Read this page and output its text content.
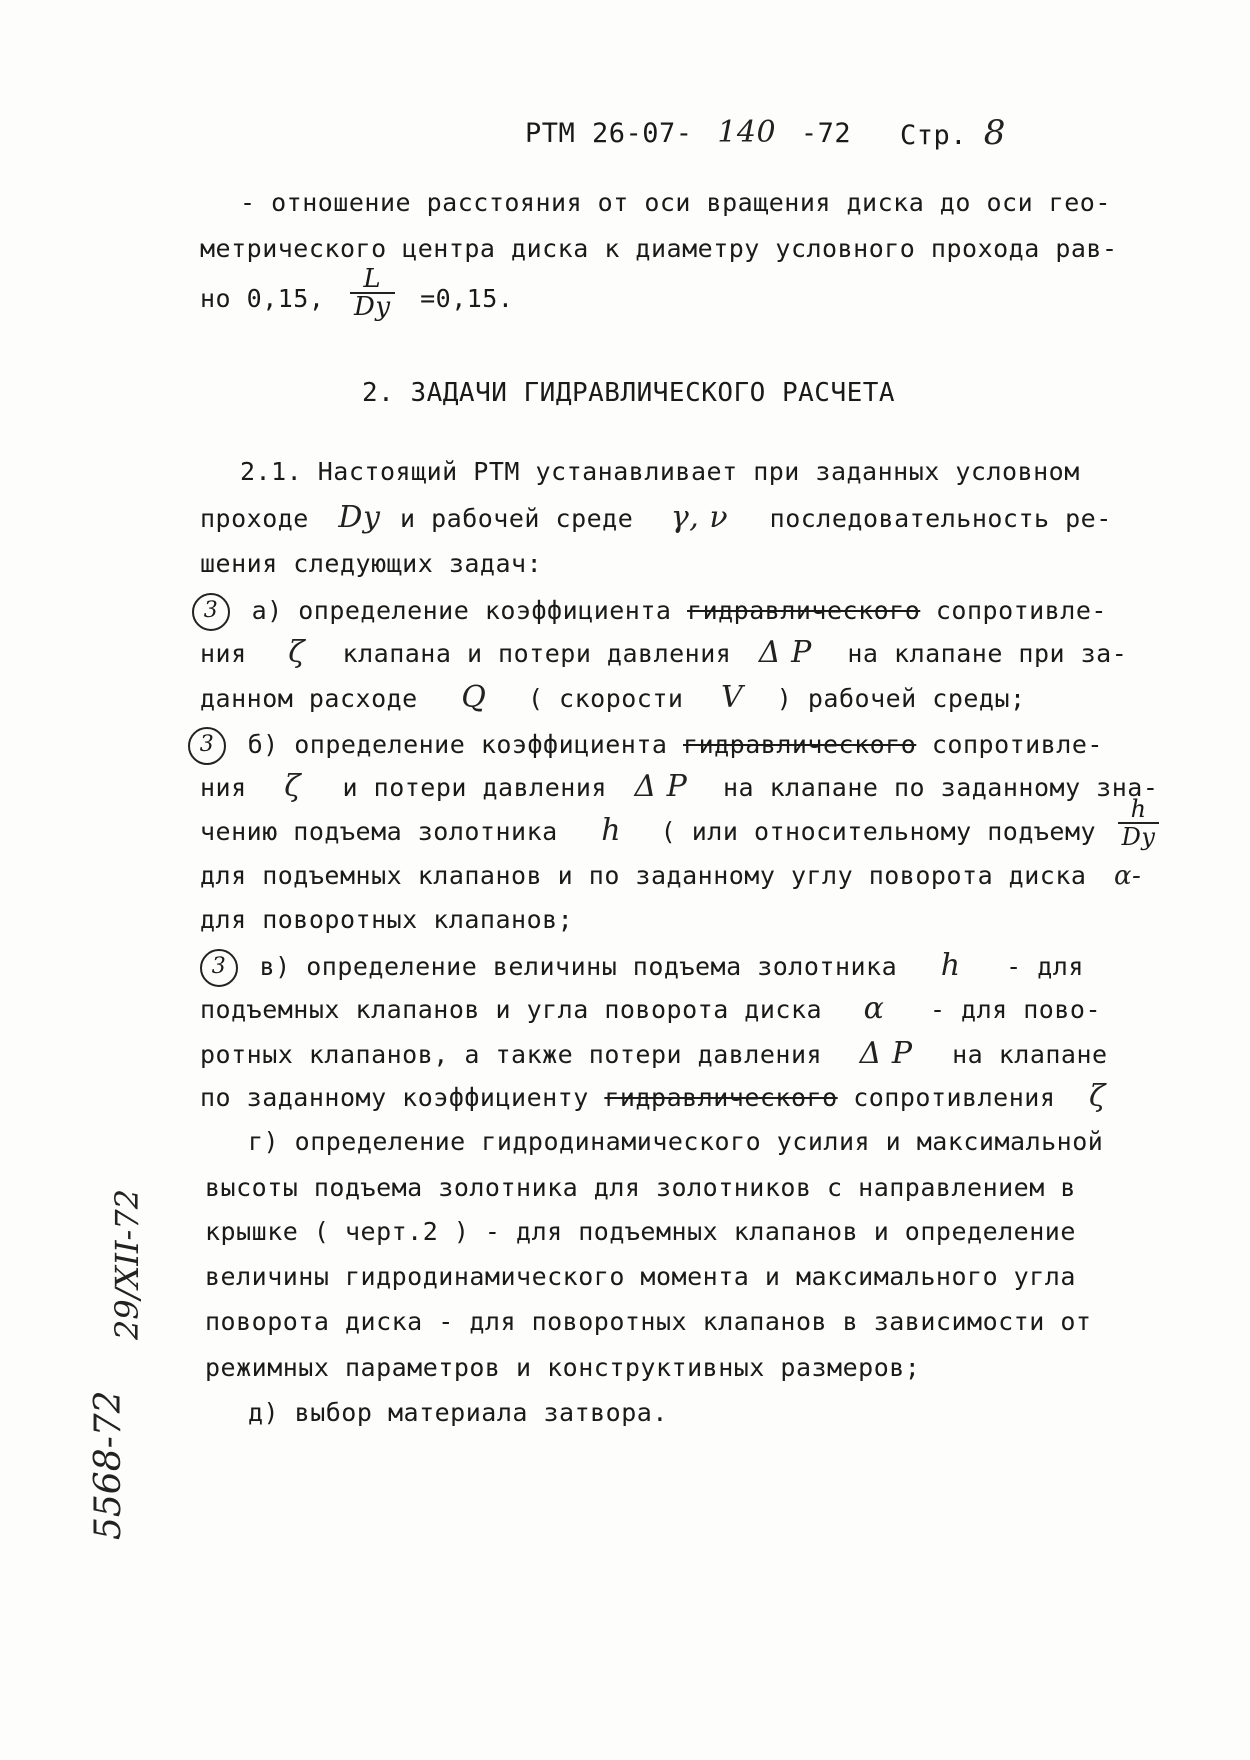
РТМ 26-07- 140 -72 Стр. 8
- отношение расстояния от оси вращения диска до оси гео-
метрического центра диска к диаметру условного прохода рав-
но 0,15, $\frac{L}{Dy} =0,15$.
2. ЗАДАЧИ ГИДРАВЛИЧЕСКОГО РАСЧЕТА
2.1. Настоящий РТМ устанавливает при заданных условном
проходе Dy и рабочей среде γ, ν последовательность ре-
шения следующих задач:
3 а) определение коэффициента гидравлического сопротивле-
ния ζ клапана и потери давления Δ P на клапане при за-
данном расходе Q ( скорости V ) рабочей среды;
3 б) определение коэффициента гидравлического сопротивле-
ния ζ и потери давления Δ P на клапане по заданному зна-
чению подъема золотника h ( или относительному подъему $\frac{h}{Dy}$
для подъемных клапанов и по заданному углу поворота диска α-
для поворотных клапанов;
3 в) определение величины подъема золотника h - для
подъемных клапанов и угла поворота диска α - для пово-
ротных клапанов, а также потери давления Δ P на клапане
по заданному коэффициенту гидравлического сопротивления ζ
г) определение гидродинамического усилия и максимальной
высоты подъема золотника для золотников с направлением в
крышке ( черт.2 ) - для подъемных клапанов и определение
величины гидродинамического момента и максимального угла
поворота диска - для поворотных клапанов в зависимости от
режимных параметров и конструктивных размеров;
д) выбор материала затвора.
5568-72
29/XII-72
